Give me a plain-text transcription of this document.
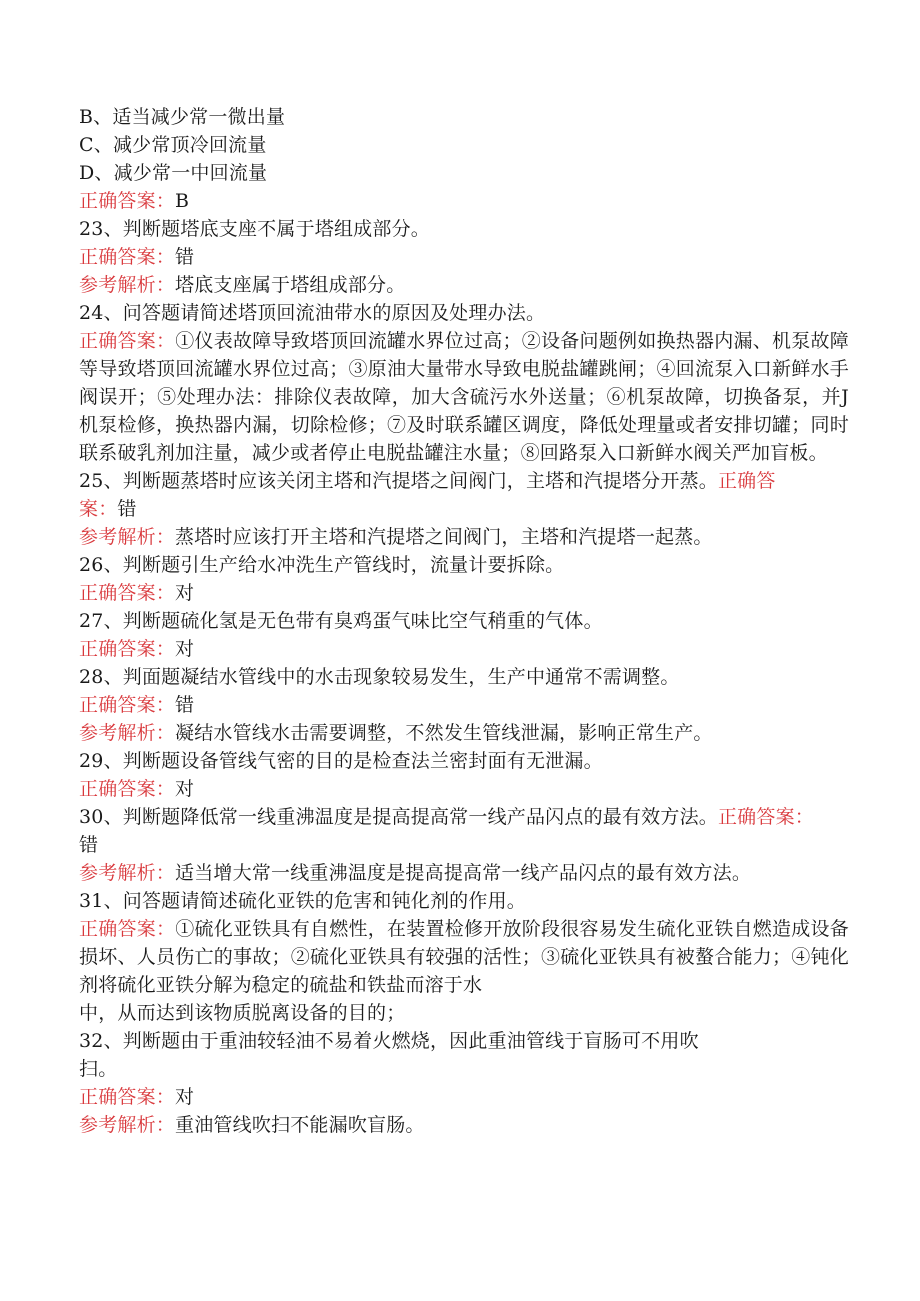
B、适当减少常一微出量
C、减少常顶冷回流量
D、减少常一中回流量
正确答案：B
23、判断题塔底支座不属于塔组成部分。
正确答案：错
参考解析：塔底支座属于塔组成部分。
24、问答题请简述塔顶回流油带水的原因及处理办法。
正确答案：①仪表故障导致塔顶回流罐水界位过高；②设备问题例如换热器内漏、机泵故障等导致塔顶回流罐水界位过高；③原油大量带水导致电脱盐罐跳闸；④回流泵入口新鲜水手阀误开；⑤处理办法：排除仪表故障，加大含硫污水外送量；⑥机泵故障，切换备泵，并J机泵检修，换热器内漏，切除检修；⑦及时联系罐区调度，降低处理量或者安排切罐；同时联系破乳剂加注量，减少或者停止电脱盐罐注水量；⑧回路泵入口新鲜水阀关严加盲板。
25、判断题蒸塔时应该关闭主塔和汽提塔之间阀门，主塔和汽提塔分开蒸。正确答
案：错
参考解析：蒸塔时应该打开主塔和汽提塔之间阀门，主塔和汽提塔一起蒸。
26、判断题引生产给水冲洗生产管线时，流量计要拆除。
正确答案：对
27、判断题硫化氢是无色带有臭鸡蛋气味比空气稍重的气体。
正确答案：对
28、判面题凝结水管线中的水击现象较易发生，生产中通常不需调整。
正确答案：错
参考解析：凝结水管线水击需要调整，不然发生管线泄漏，影响正常生产。
29、判断题设备管线气密的目的是检查法兰密封面有无泄漏。
正确答案：对
30、判断题降低常一线重沸温度是提高提高常一线产品闪点的最有效方法。正确答案：
错
参考解析：适当增大常一线重沸温度是提高提高常一线产品闪点的最有效方法。
31、问答题请简述硫化亚铁的危害和钝化剂的作用。
正确答案：①硫化亚铁具有自燃性，在装置检修开放阶段很容易发生硫化亚铁自燃造成设备损坏、人员伤亡的事故；②硫化亚铁具有较强的活性；③硫化亚铁具有被螯合能力；④钝化剂将硫化亚铁分解为稳定的硫盐和铁盐而溶于水
中，从而达到该物质脱离设备的目的；
32、判断题由于重油较轻油不易着火燃烧，因此重油管线于盲肠可不用吹
扫。
正确答案：对
参考解析：重油管线吹扫不能漏吹盲肠。
